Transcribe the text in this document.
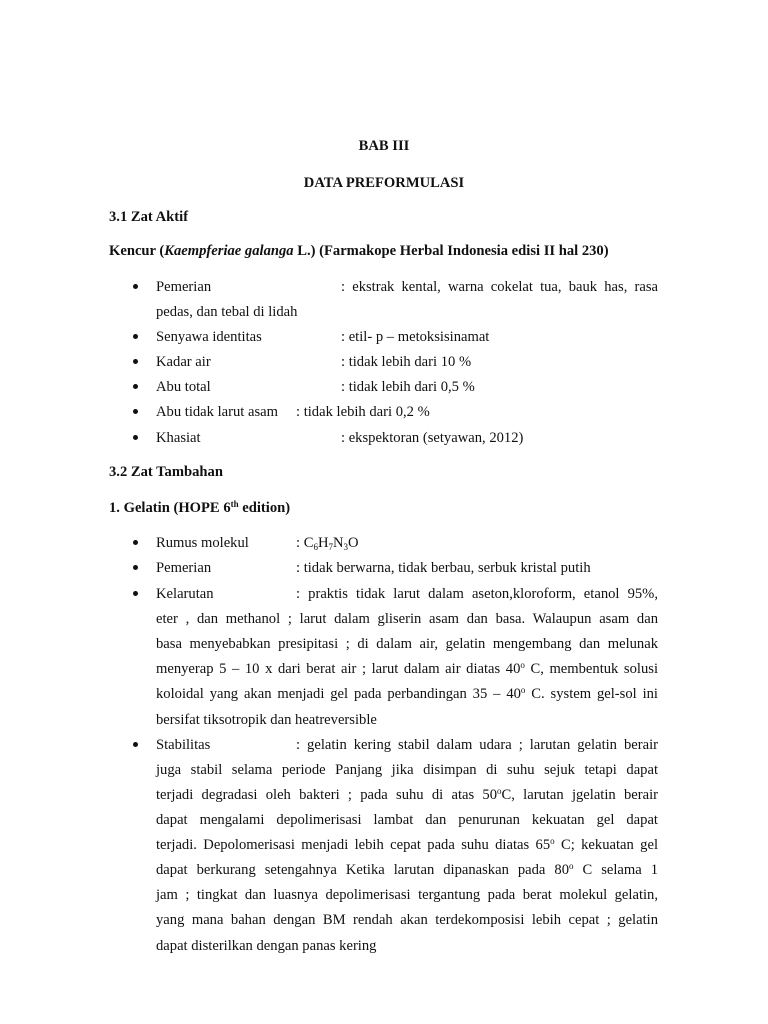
BAB III
DATA PREFORMULASI
3.1 Zat Aktif
Kencur (Kaempferiae galanga L.) (Farmakope Herbal Indonesia edisi II hal 230)
Pemerian	: ekstrak kental, warna cokelat tua, bauk has, rasa
pedas, dan tebal di lidah
Senyawa identitas	: etil- p – metoksisinamat
Kadar air	: tidak lebih dari 10 %
Abu total	: tidak lebih dari 0,5 %
Abu tidak larut asam : tidak lebih dari 0,2 %
Khasiat	: ekspektoran (setyawan, 2012)
3.2 Zat Tambahan
1. Gelatin (HOPE 6th edition)
Rumus molekul	: $C_6H_7N_3O$
Pemerian	: tidak berwarna, tidak berbau, serbuk kristal putih
Kelarutan	: praktis tidak larut dalam aseton,kloroform, etanol 95%,
eter , dan methanol ; larut dalam gliserin asam dan basa. Walaupun asam dan
basa menyebabkan presipitasi ; di dalam air, gelatin mengembang dan melunak
menyerap 5 – 10 x dari berat air ; larut dalam air diatas 40$^o$ C, membentuk solusi
koloidal yang akan menjadi gel pada perbandingan 35 – 40$^o$ C. system gel-sol ini
bersifat tiksotropik dan heatreversible
Stabilitas	: gelatin kering stabil dalam udara ; larutan gelatin berair
juga stabil selama periode Panjang jika disimpan di suhu sejuk tetapi dapat
terjadi degradasi oleh bakteri ; pada suhu di atas 50$^o$C, larutan jgelatin berair
dapat mengalami depolimerisasi lambat dan penurunan kekuatan gel dapat
terjadi. Depolomerisasi menjadi lebih cepat pada suhu diatas 65$^o$ C; kekuatan gel
dapat berkurang setengahnya Ketika larutan dipanaskan pada 80$^o$ C selama 1
jam ; tingkat dan luasnya depolimerisasi tergantung pada berat molekul gelatin,
yang mana bahan dengan BM rendah akan terdekomposisi lebih cepat ; gelatin
dapat disterilkan dengan panas kering
